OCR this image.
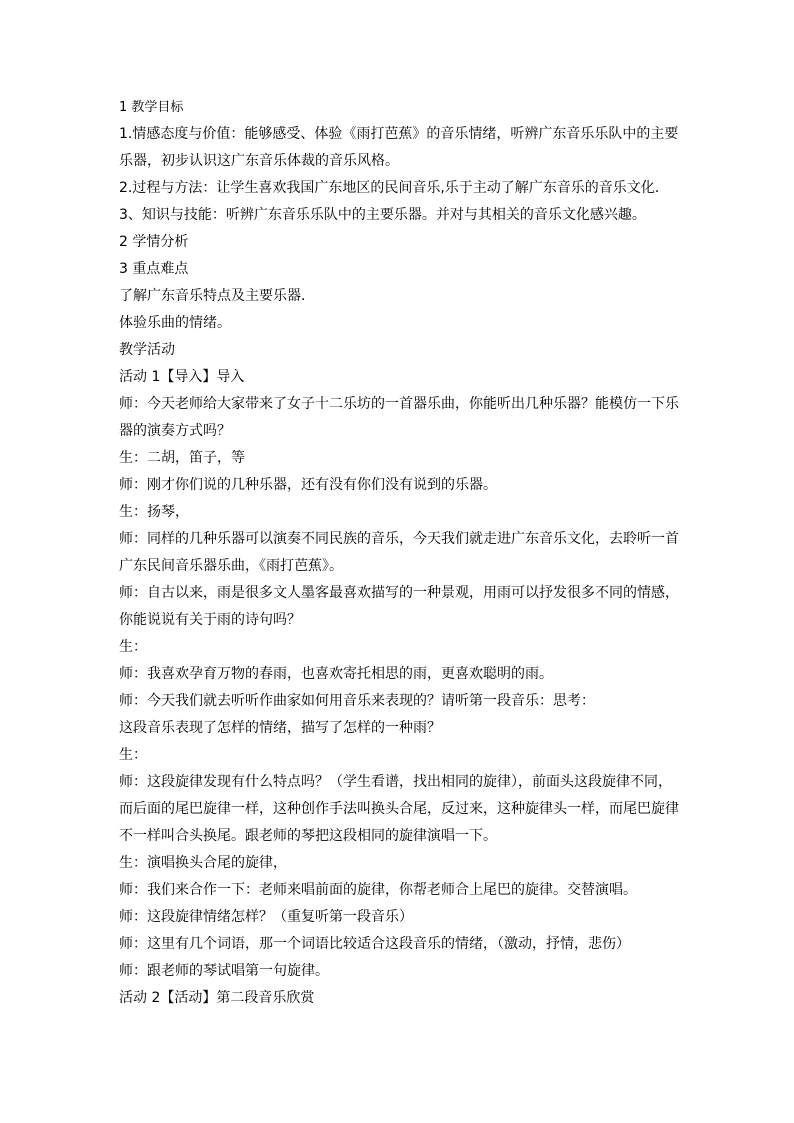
1 教学目标

1.情感态度与价值：能够感受、体验《雨打芭蕉》的音乐情绪，听辨广东音乐乐队中的主要乐器，初步认识这广东音乐体裁的音乐风格。

2.过程与方法：让学生喜欢我国广东地区的民间音乐,乐于主动了解广东音乐的音乐文化.

3、知识与技能：听辨广东音乐乐队中的主要乐器。并对与其相关的音乐文化感兴趣。

2 学情分析

3 重点难点

了解广东音乐特点及主要乐器.

体验乐曲的情绪。

教学活动

活动 1【导入】导入

师：今天老师给大家带来了女子十二乐坊的一首器乐曲，你能听出几种乐器？能模仿一下乐器的演奏方式吗？

生：二胡，笛子，等

师：刚才你们说的几种乐器，还有没有你们没有说到的乐器。

生：扬琴，

师：同样的几种乐器可以演奏不同民族的音乐，今天我们就走进广东音乐文化，去聆听一首广东民间音乐器乐曲，《雨打芭蕉》。

师：自古以来，雨是很多文人墨客最喜欢描写的一种景观，用雨可以抒发很多不同的情感，你能说说有关于雨的诗句吗？

生：

师：我喜欢孕育万物的春雨，也喜欢寄托相思的雨，更喜欢聪明的雨。

师：今天我们就去听听作曲家如何用音乐来表现的？请听第一段音乐：思考：

这段音乐表现了怎样的情绪，描写了怎样的一种雨？

生：

师：这段旋律发现有什么特点吗？（学生看谱，找出相同的旋律），前面头这段旋律不同，而后面的尾巴旋律一样，这种创作手法叫换头合尾，反过来，这种旋律头一样，而尾巴旋律不一样叫合头换尾。跟老师的琴把这段相同的旋律演唱一下。

生：演唱换头合尾的旋律，

师：我们来合作一下：老师来唱前面的旋律，你帮老师合上尾巴的旋律。交替演唱。

师：这段旋律情绪怎样？（重复听第一段音乐）

师：这里有几个词语，那一个词语比较适合这段音乐的情绪，（激动，抒情，悲伤）

师：跟老师的琴试唱第一句旋律。

活动 2【活动】第二段音乐欣赏
